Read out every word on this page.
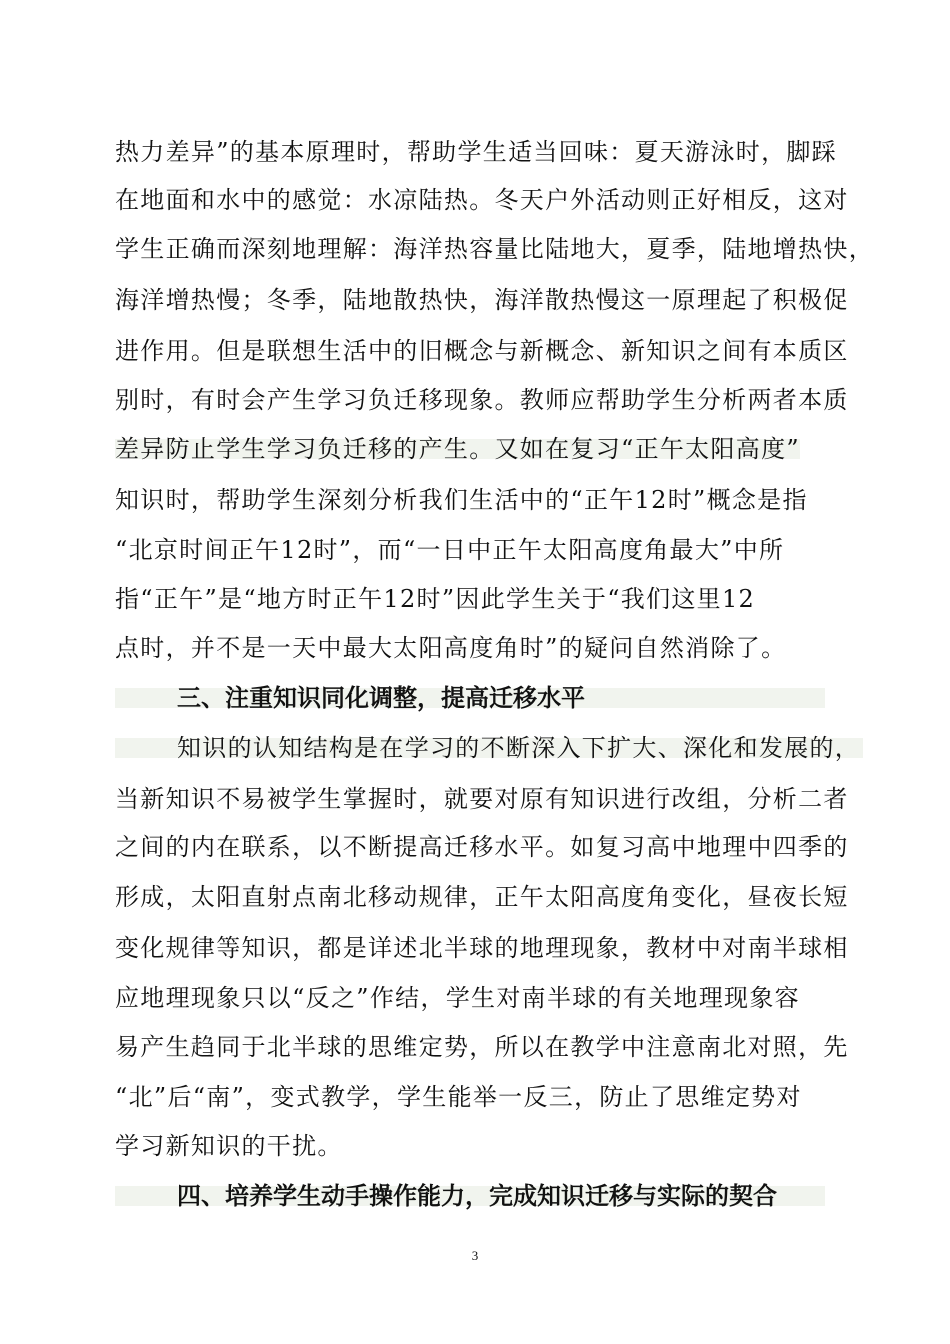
热力差异”的基本原理时，帮助学生适当回味：夏天游泳时，脚踩
在地面和水中的感觉：水凉陆热。冬天户外活动则正好相反，这对
学生正确而深刻地理解：海洋热容量比陆地大，夏季，陆地增热快，
海洋增热慢；冬季，陆地散热快，海洋散热慢这一原理起了积极促
进作用。但是联想生活中的旧概念与新概念、新知识之间有本质区
别时，有时会产生学习负迁移现象。教师应帮助学生分析两者本质
差异防止学生学习负迁移的产生。又如在复习“正午太阳高度”
知识时，帮助学生深刻分析我们生活中的“正午12时”概念是指
“北京时间正午12时”，而“一日中正午太阳高度角最大”中所
指“正午”是“地方时正午12时”因此学生关于“我们这里12
点时，并不是一天中最大太阳高度角时”的疑问自然消除了。
三、注重知识同化调整，提高迁移水平
知识的认知结构是在学习的不断深入下扩大、深化和发展的，
当新知识不易被学生掌握时，就要对原有知识进行改组，分析二者
之间的内在联系，以不断提高迁移水平。如复习高中地理中四季的
形成，太阳直射点南北移动规律，正午太阳高度角变化，昼夜长短
变化规律等知识，都是详述北半球的地理现象，教材中对南半球相
应地理现象只以“反之”作结，学生对南半球的有关地理现象容
易产生趋同于北半球的思维定势，所以在教学中注意南北对照，先
“北”后“南”，变式教学，学生能举一反三，防止了思维定势对
学习新知识的干扰。
四、培养学生动手操作能力，完成知识迁移与实际的契合
3
